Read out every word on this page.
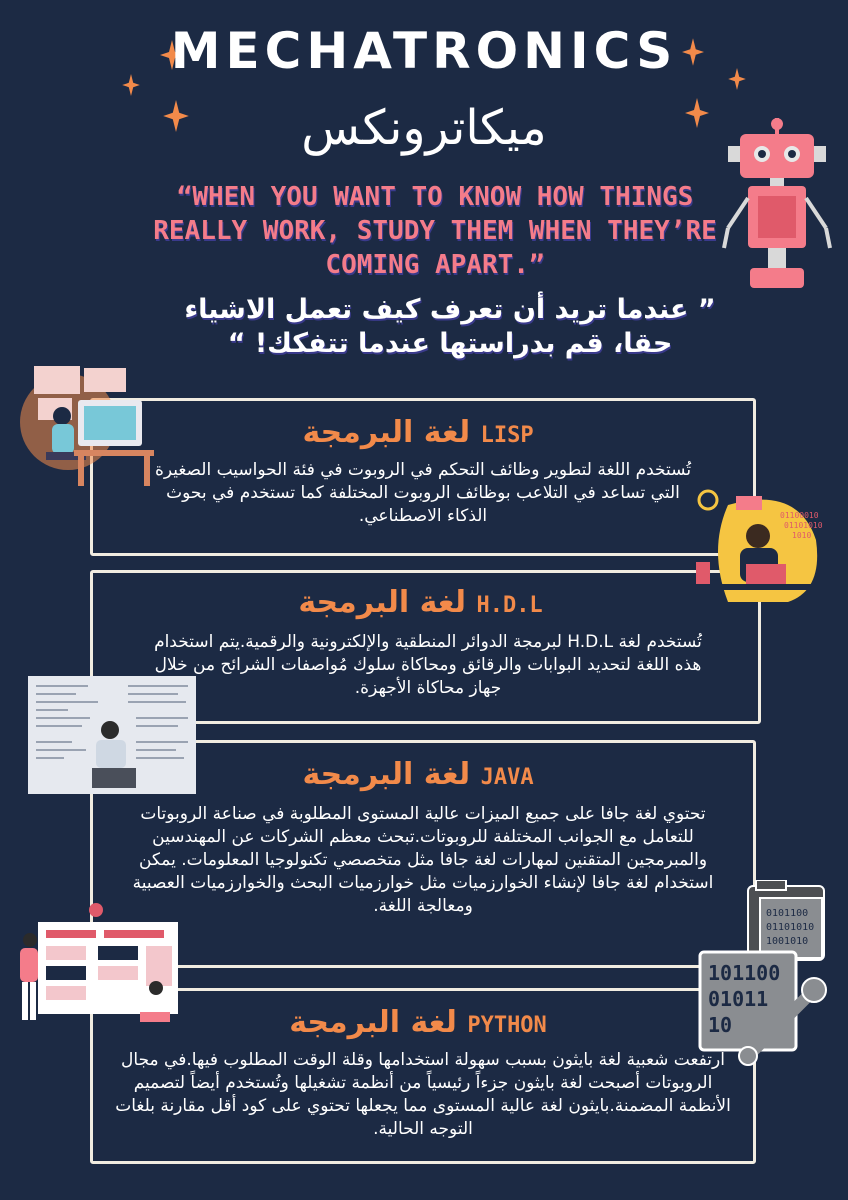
MECHATRONICS
ميكاترونكس
“WHEN YOU WANT TO KNOW HOW THINGS REALLY WORK, STUDY THEM WHEN THEY’RE COMING APART.”
” عندما تريد أن تعرف كيف تعمل الاشياء حقا، قم بدراستها عندما تتفكك! “
لغة البرمجة LISP
تُستخدم اللغة لتطوير وظائف التحكم في الروبوت في فئة الحواسيب الصغيرة التي تساعد في التلاعب بوظائف الروبوت المختلفة كما تستخدم في بحوث الذكاء الاصطناعي.
لغة البرمجة H.D.L
تُستخدم لغة H.D.L لبرمجة الدوائر المنطقية والإلكترونية والرقمية.يتم استخدام هذه اللغة لتحديد البوابات والرقائق ومحاكاة سلوك مُواصفات الشرائح من خلال جهاز محاكاة الأجهزة.
لغة البرمجة JAVA
تحتوي لغة جافا على جميع الميزات عالية المستوى المطلوبة في صناعة الروبوتات للتعامل مع الجوانب المختلفة للروبوتات.تبحث معظم الشركات عن المهندسين والمبرمجين المتقنين لمهارات لغة جافا مثل متخصصي تكنولوجيا المعلومات. يمكن استخدام لغة جافا لإنشاء الخوارزميات مثل خوارزميات البحث والخوارزميات العصبية ومعالجة اللغة.
لغة البرمجة PYTHON
ارتفعت شعبية لغة بايثون بسبب سهولة استخدامها وقلة الوقت المطلوب فيها.في مجال الروبوتات أصبحت لغة بايثون جزءاً رئيسياً من أنظمة تشغيلها وتُستخدم أيضاً لتصميم الأنظمة المضمنة.بايثون لغة عالية المستوى مما يجعلها تحتوي على كود أقل مقارنة بلغات التوجه الحالية.
01100010
01101010
1010
0101100
01101010
1001010
101100
01011
10
